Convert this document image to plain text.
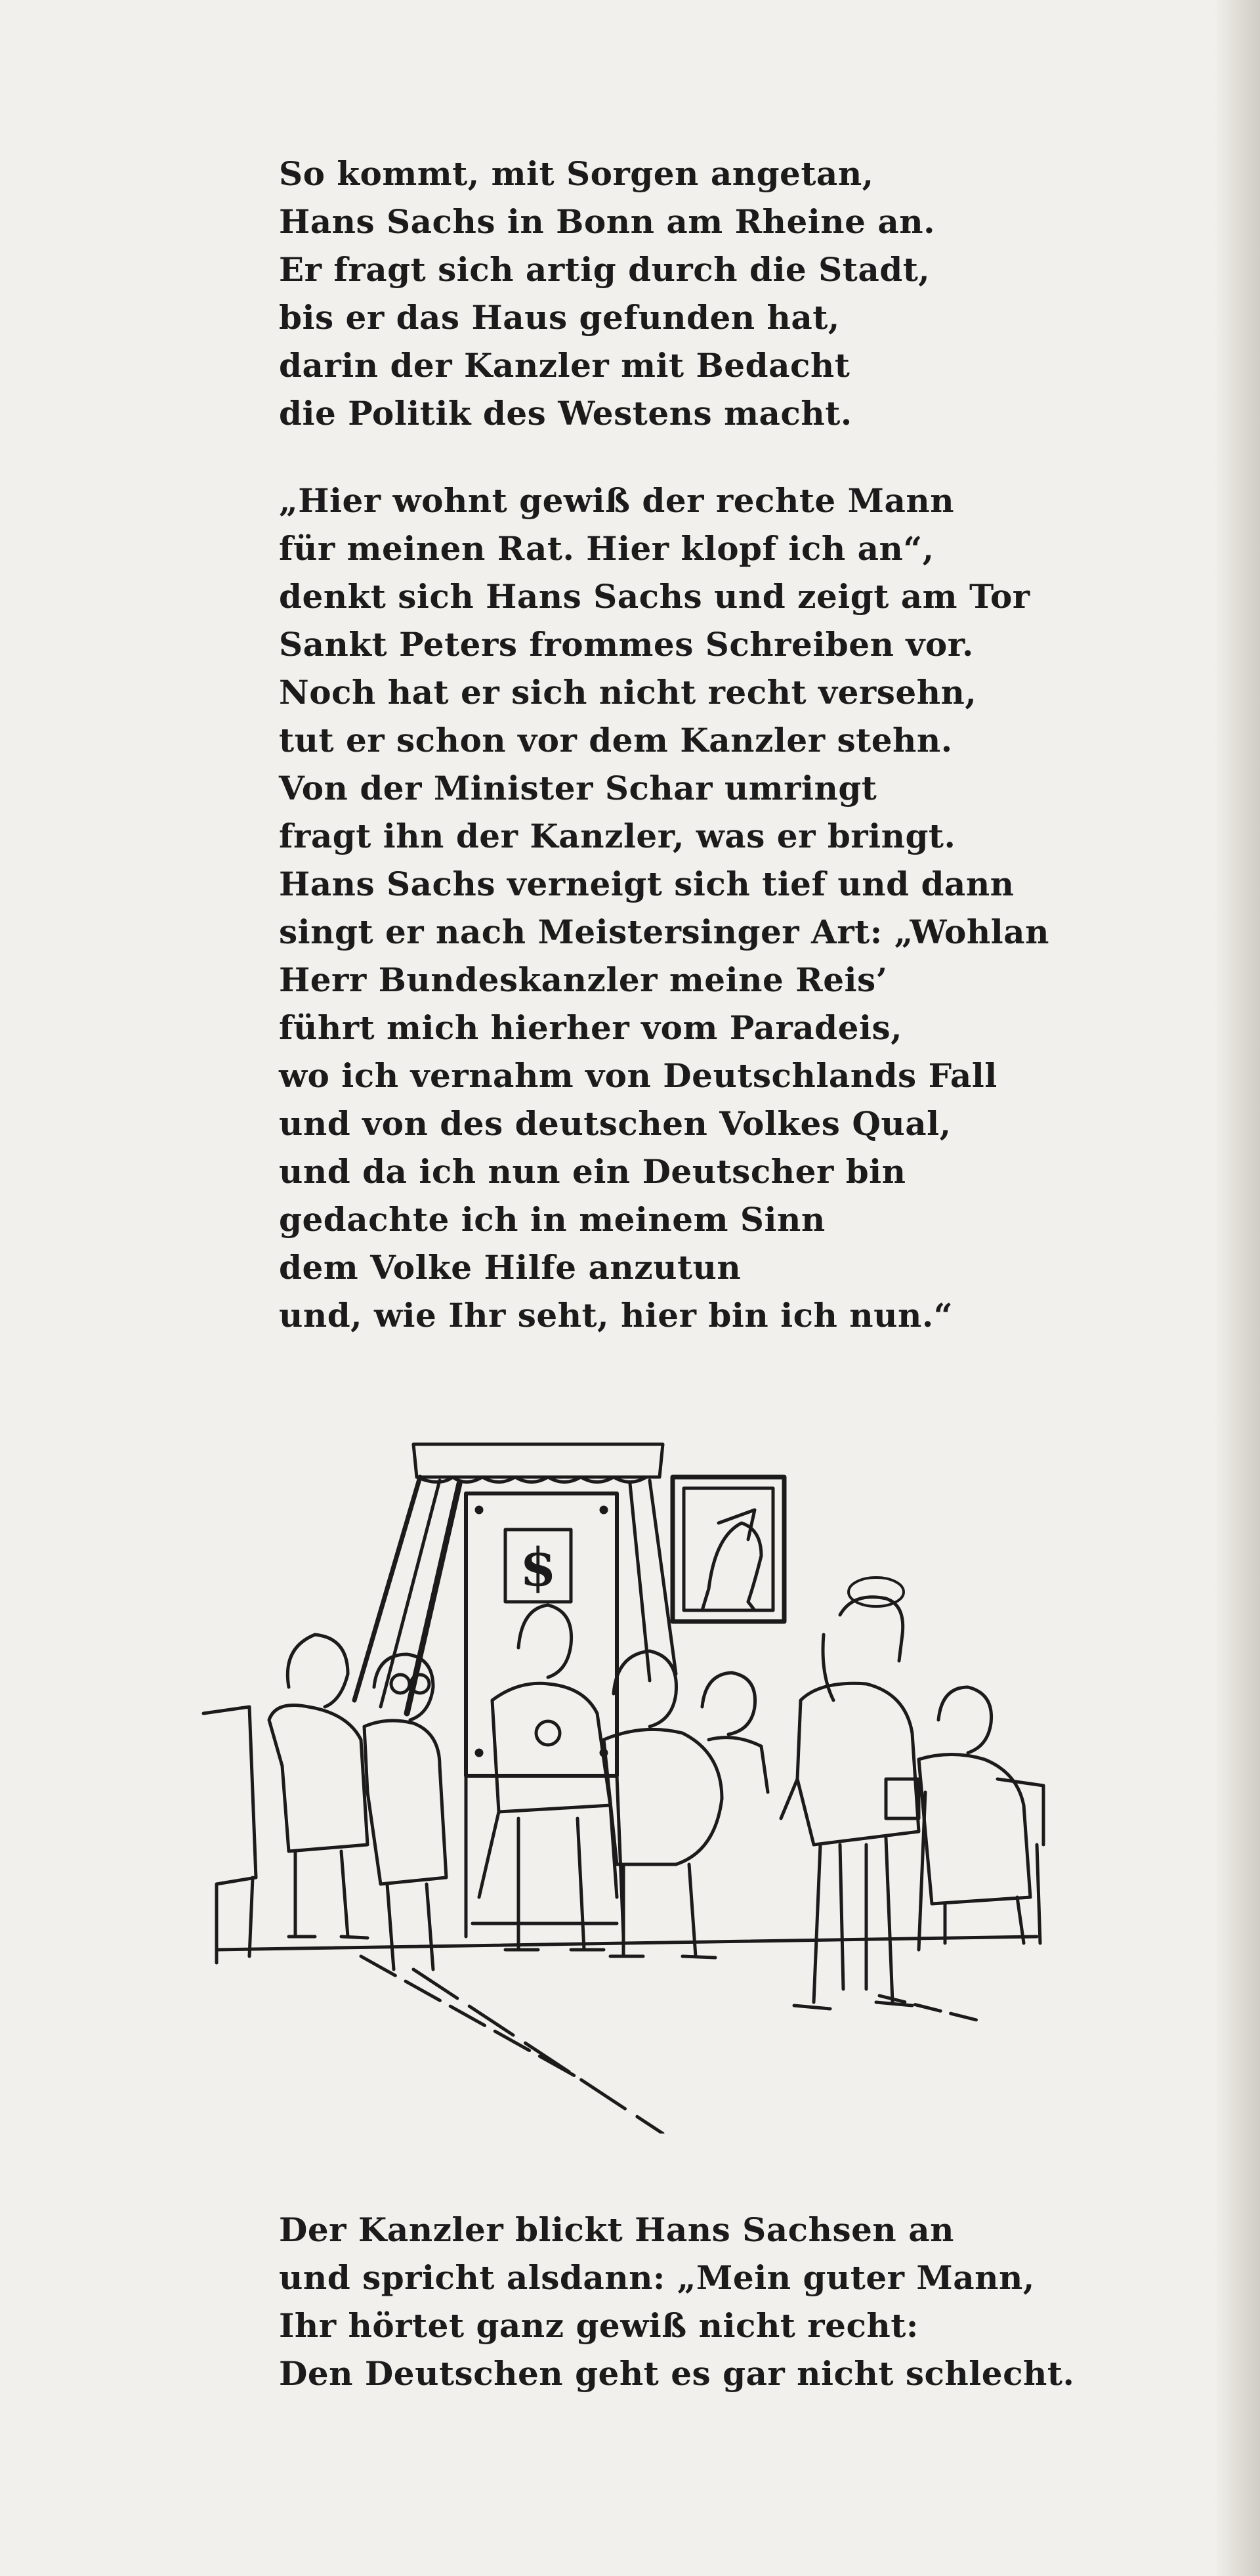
So kommt, mit Sorgen angetan,
Hans Sachs in Bonn am Rheine an.
Er fragt sich artig durch die Stadt,
bis er das Haus gefunden hat,
darin der Kanzler mit Bedacht
die Politik des Westens macht.
„Hier wohnt gewiß der rechte Mann
für meinen Rat. Hier klopf ich an“,
denkt sich Hans Sachs und zeigt am Tor
Sankt Peters frommes Schreiben vor.
Noch hat er sich nicht recht versehn,
tut er schon vor dem Kanzler stehn.
Von der Minister Schar umringt
fragt ihn der Kanzler, was er bringt.
Hans Sachs verneigt sich tief und dann
singt er nach Meistersinger Art: „Wohlan
Herr Bundeskanzler meine Reis’
führt mich hierher vom Paradeis,
wo ich vernahm von Deutschlands Fall
und von des deutschen Volkes Qual,
und da ich nun ein Deutscher bin
gedachte ich in meinem Sinn
dem Volke Hilfe anzutun
und, wie Ihr seht, hier bin ich nun.“
$
Der Kanzler blickt Hans Sachsen an
und spricht alsdann: „Mein guter Mann,
Ihr hörtet ganz gewiß nicht recht:
Den Deutschen geht es gar nicht schlecht.
